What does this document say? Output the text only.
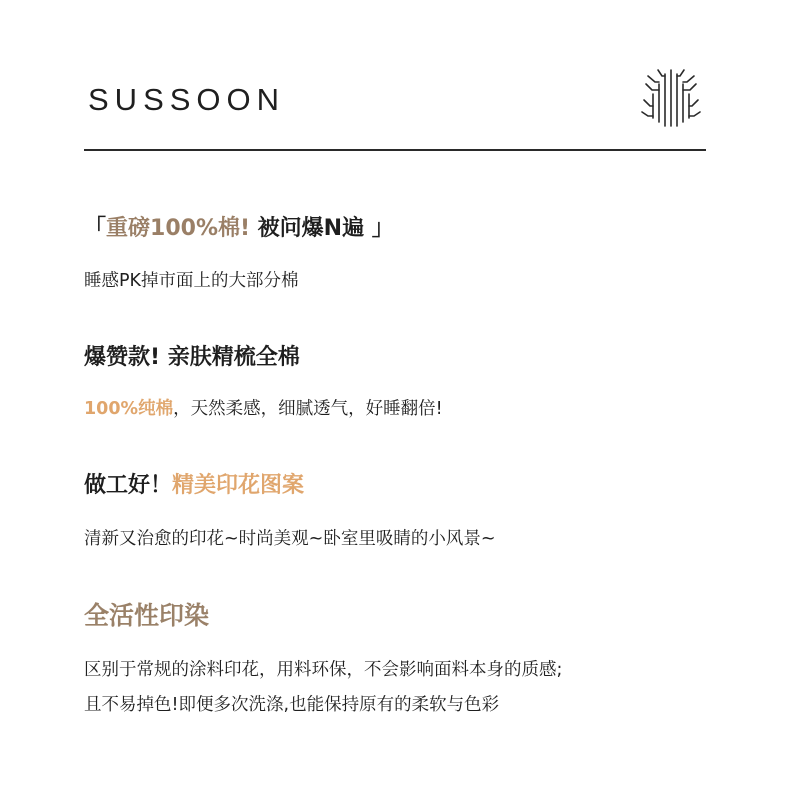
SUSSOON
「重磅100%棉! 被问爆N遍 」
睡感PK掉市面上的大部分棉
爆赞款! 亲肤精梳全棉
100%纯棉，天然柔感，细腻透气，好睡翻倍!
做工好！精美印花图案
清新又治愈的印花~时尚美观~卧室里吸睛的小风景~
全活性印染
区别于常规的涂料印花，用料环保，不会影响面料本身的质感;
且不易掉色!即便多次洗涤,也能保持原有的柔软与色彩
